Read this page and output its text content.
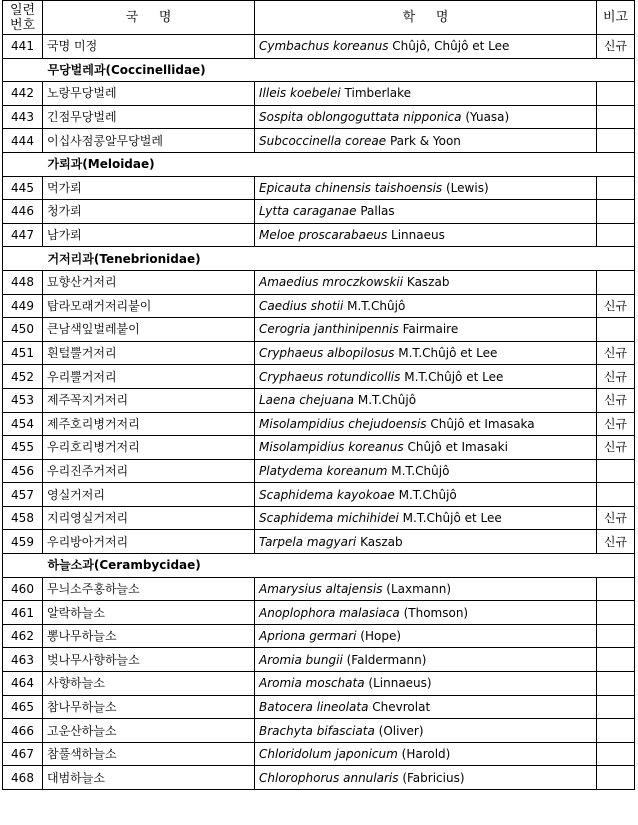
일련
번호	국     명	학     명	비고
441	국명 미정	Cymbachus koreanus Chûjô, Chûjô et Lee	신규
	무당벌레과(Coccinellidae)		
442	노랑무당벌레	Illeis koebelei Timberlake	
443	긴점무당벌레	Sospita oblongoguttata nipponica (Yuasa)	
444	이십사점콩알무당벌레	Subcoccinella coreae Park & Yoon	
	가뢰과(Meloidae)		
445	먹가뢰	Epicauta chinensis taishoensis (Lewis)	
446	청가뢰	Lytta caraganae Pallas	
447	남가뢰	Meloe proscarabaeus Linnaeus	
	거저리과(Tenebrionidae)		
448	묘향산거저리	Amaedius mroczkowskii Kaszab	
449	탐라모래거저리붙이	Caedius shotii M.T.Chûjô	신규
450	큰남색잎벌레붙이	Cerogria janthinipennis Fairmaire	
451	흰털뿔거저리	Cryphaeus albopilosus M.T.Chûjô et Lee	신규
452	우리뿔거저리	Cryphaeus rotundicollis M.T.Chûjô et Lee	신규
453	제주꼭지거저리	Laena chejuana M.T.Chûjô	신규
454	제주호리병거저리	Misolampidius chejudoensis Chûjô et Imasaka	신규
455	우리호리병거저리	Misolampidius koreanus Chûjô et Imasaki	신규
456	우리진주거저리	Platydema koreanum M.T.Chûjô	
457	영실거저리	Scaphidema kayokoae M.T.Chûjô	
458	지리영실거저리	Scaphidema michihidei M.T.Chûjô et Lee	신규
459	우리방아거저리	Tarpela magyari Kaszab	신규
	하늘소과(Cerambycidae)		
460	무늬소주홍하늘소	Amarysius altajensis (Laxmann)	
461	알락하늘소	Anoplophora malasiaca (Thomson)	
462	뽕나무하늘소	Apriona germari (Hope)	
463	벚나무사향하늘소	Aromia bungii (Faldermann)	
464	사향하늘소	Aromia moschata (Linnaeus)	
465	참나무하늘소	Batocera lineolata Chevrolat	
466	고운산하늘소	Brachyta bifasciata (Oliver)	
467	참풀색하늘소	Chloridolum japonicum (Harold)	
468	대범하늘소	Chlorophorus annularis (Fabricius)	
